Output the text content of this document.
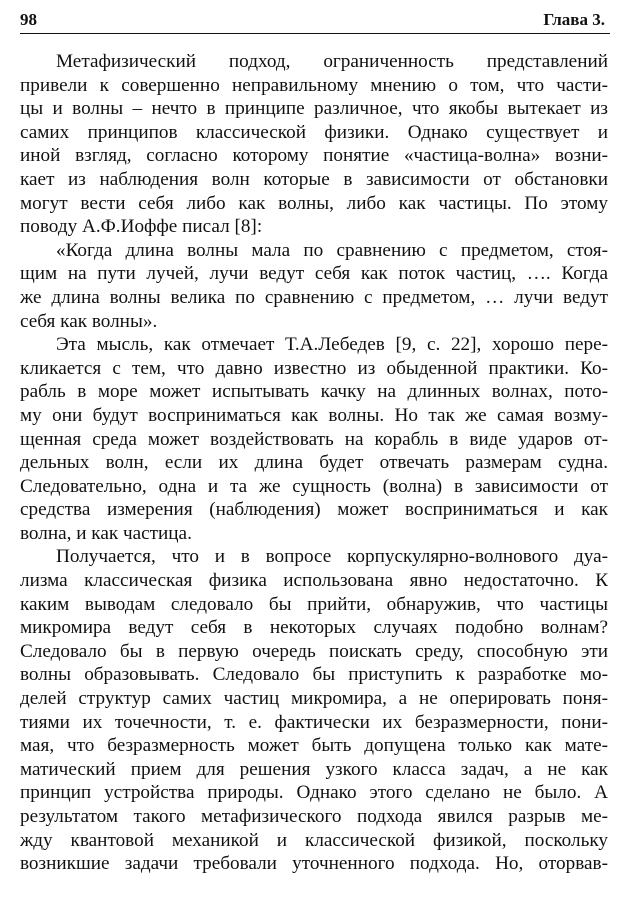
98	Глава 3.
Метафизический подход, ограниченность представлений
привели к совершенно неправильному мнению о том, что части-
цы и волны – нечто в принципе различное, что якобы вытекает из
самих принципов классической физики. Однако существует и
иной взгляд, согласно которому понятие «частица-волна» возни-
кает из наблюдения волн которые в зависимости от обстановки
могут вести себя либо как волны, либо как частицы. По этому
поводу А.Ф.Иоффе писал [8]:
«Когда длина волны мала по сравнению с предметом, стоя-
щим на пути лучей, лучи ведут себя как поток частиц, …. Когда
же длина волны велика по сравнению с предметом, … лучи ведут
себя как волны».
Эта мысль, как отмечает Т.А.Лебедев [9, с. 22], хорошо пере-
кликается с тем, что давно известно из обыденной практики. Ко-
рабль в море может испытывать качку на длинных волнах, пото-
му они будут восприниматься как волны. Но так же самая возму-
щенная среда может воздействовать на корабль в виде ударов от-
дельных волн, если их длина будет отвечать размерам судна.
Следовательно, одна и та же сущность (волна) в зависимости от
средства измерения (наблюдения) может восприниматься и как
волна, и как частица.
Получается, что и в вопросе корпускулярно-волнового дуа-
лизма классическая физика использована явно недостаточно. К
каким выводам следовало бы прийти, обнаружив, что частицы
микромира ведут себя в некоторых случаях подобно волнам?
Следовало бы в первую очередь поискать среду, способную эти
волны образовывать. Следовало бы приступить к разработке мо-
делей структур самих частиц микромира, а не оперировать поня-
тиями их точечности, т. е. фактически их безразмерности, пони-
мая, что безразмерность может быть допущена только как мате-
матический прием для решения узкого класса задач, а не как
принцип устройства природы. Однако этого сделано не было. А
результатом такого метафизического подхода явился разрыв ме-
жду квантовой механикой и классической физикой, поскольку
возникшие задачи требовали уточненного подхода. Но, оторвав-
